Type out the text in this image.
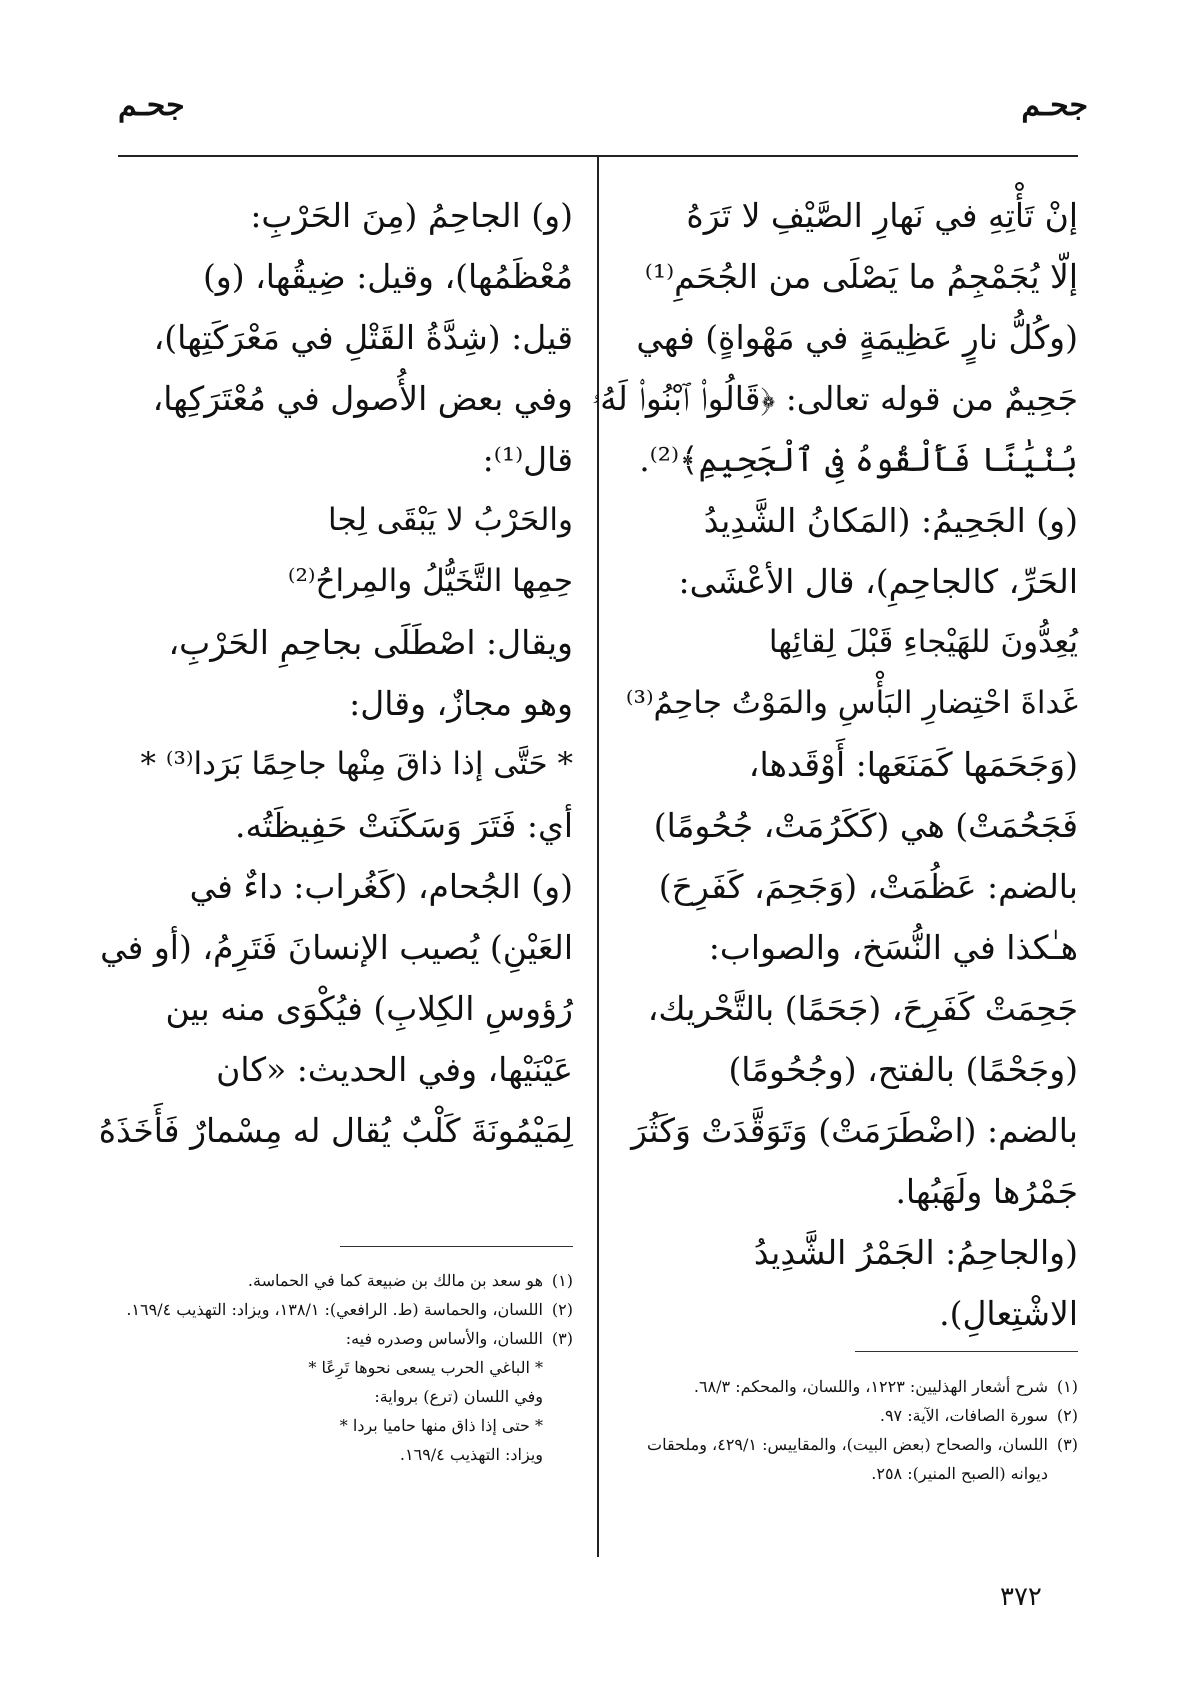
جحـم
جحـم
إنْ تَأْتِهِ في نَهارِ الصَّيْفِ لا تَرَهُ
إلّا يُجَمْجِمُ ما يَصْلَى من الجُحَمِ⁽¹⁾
(وكُلُّ نارٍ عَظِيمَةٍ في مَهْواةٍ) فهي
جَحِيمٌ من قوله تعالى: ﴿قَالُوا۟ ٱبْنُوا۟ لَهُۥ
بُنْيَٰنًا فَأَلْقُوهُ فِى ٱلْجَحِيمِ﴾⁽²⁾.
(و) الجَحِيمُ: (المَكانُ الشَّدِيدُ
الحَرِّ، كالجاحِمِ)، قال الأعْشَى:
يُعِدُّونَ للهَيْجاءِ قَبْلَ لِقائِها
غَداةَ احْتِضارِ البَأْسِ والمَوْتُ جاحِمُ⁽³⁾
(وَجَحَمَها كَمَنَعَها: أَوْقَدها،
فَجَحُمَتْ) هي (كَكَرُمَتْ، جُحُومًا)
بالضم: عَظُمَتْ، (وَجَحِمَ، كَفَرِحَ)
هـٰكذا في النُّسَخ، والصواب:
جَحِمَتْ كَفَرِحَ، (جَحَمًا) بالتَّحْريك،
(وجَحْمًا) بالفتح، (وجُحُومًا)
بالضم: (اضْطَرَمَتْ) وَتَوَقَّدَتْ وَكَثُرَ
جَمْرُها ولَهَبُها.
(والجاحِمُ: الجَمْرُ الشَّدِيدُ
الاشْتِعالِ).
(و) الجاحِمُ (مِنَ الحَرْبِ:
مُعْظَمُها)، وقيل: ضِيقُها، (و)
قيل: (شِدَّةُ القَتْلِ في مَعْرَكَتِها)،
وفي بعض الأُصول في مُعْتَرَكِها،
قال⁽¹⁾:
والحَرْبُ لا يَبْقَى لِجا
حِمِها التَّخَيُّلُ والمِراحُ⁽²⁾
ويقال: اصْطَلَى بجاحِمِ الحَرْبِ،
وهو مجازٌ، وقال:
* حَتَّى إذا ذاقَ مِنْها جاحِمًا بَرَدا⁽³⁾ *
أي: فَتَرَ وَسَكَنَتْ حَفِيظَتُه.
(و) الجُحام، (كَغُراب: داءٌ في
العَيْنِ) يُصيب الإنسانَ فَتَرِمُ، (أو في
رُؤوسِ الكِلابِ) فيُكْوَى منه بين
عَيْنَيْها، وفي الحديث: «كان
لِمَيْمُونَةَ كَلْبٌ يُقال له مِسْمارٌ فَأَخَذَهُ
(١)
شرح أشعار الهذليين: ١٢٢٣، واللسان، والمحكم: ٦٨/٣.
(٢)
سورة الصافات، الآية: ٩٧.
(٣)
اللسان، والصحاح (بعض البيت)، والمقاييس: ٤٢٩/١، وملحقات ديوانه (الصبح المنير): ٢٥٨.
(١)
هو سعد بن مالك بن ضبيعة كما في الحماسة.
(٢)
اللسان، والحماسة (ط. الرافعي): ١٣٨/١، ويزاد: التهذيب ١٦٩/٤.
(٣)
اللسان، والأساس وصدره فيه:
* الباغي الحرب يسعى نحوها تَرِعًا *
وفي اللسان (ترع) برواية:
* حتى إذا ذاق منها حاميا بردا *
ويزاد: التهذيب ١٦٩/٤.
٣٧٢
